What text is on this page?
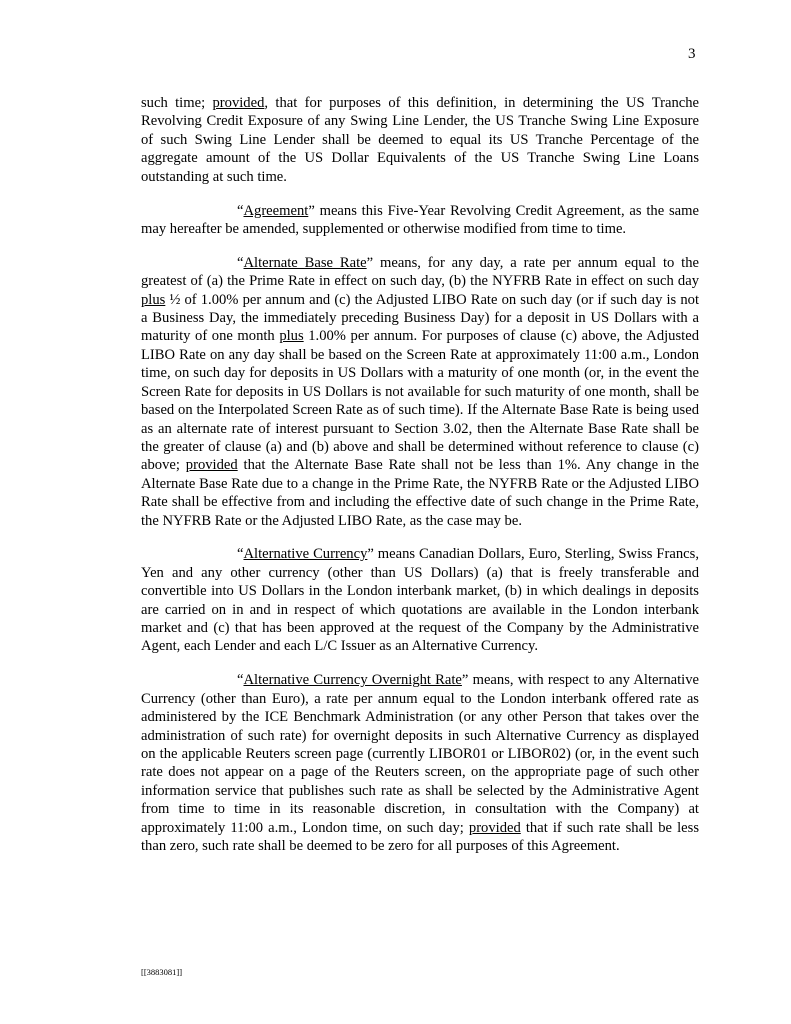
3

such time; provided, that for purposes of this definition, in determining the US Tranche Revolving Credit Exposure of any Swing Line Lender, the US Tranche Swing Line Exposure of such Swing Line Lender shall be deemed to equal its US Tranche Percentage of the aggregate amount of the US Dollar Equivalents of the US Tranche Swing Line Loans outstanding at such time.

“Agreement” means this Five-Year Revolving Credit Agreement, as the same may hereafter be amended, supplemented or otherwise modified from time to time.

“Alternate Base Rate” means, for any day, a rate per annum equal to the greatest of (a) the Prime Rate in effect on such day, (b) the NYFRB Rate in effect on such day plus ½ of 1.00% per annum and (c) the Adjusted LIBO Rate on such day (or if such day is not a Business Day, the immediately preceding Business Day) for a deposit in US Dollars with a maturity of one month plus 1.00% per annum. For purposes of clause (c) above, the Adjusted LIBO Rate on any day shall be based on the Screen Rate at approximately 11:00 a.m., London time, on such day for deposits in US Dollars with a maturity of one month (or, in the event the Screen Rate for deposits in US Dollars is not available for such maturity of one month, shall be based on the Interpolated Screen Rate as of such time). If the Alternate Base Rate is being used as an alternate rate of interest pursuant to Section 3.02, then the Alternate Base Rate shall be the greater of clause (a) and (b) above and shall be determined without reference to clause (c) above; provided that the Alternate Base Rate shall not be less than 1%. Any change in the Alternate Base Rate due to a change in the Prime Rate, the NYFRB Rate or the Adjusted LIBO Rate shall be effective from and including the effective date of such change in the Prime Rate, the NYFRB Rate or the Adjusted LIBO Rate, as the case may be.

“Alternative Currency” means Canadian Dollars, Euro, Sterling, Swiss Francs, Yen and any other currency (other than US Dollars) (a) that is freely transferable and convertible into US Dollars in the London interbank market, (b) in which dealings in deposits are carried on in and in respect of which quotations are available in the London interbank market and (c) that has been approved at the request of the Company by the Administrative Agent, each Lender and each L/C Issuer as an Alternative Currency.

“Alternative Currency Overnight Rate” means, with respect to any Alternative Currency (other than Euro), a rate per annum equal to the London interbank offered rate as administered by the ICE Benchmark Administration (or any other Person that takes over the administration of such rate) for overnight deposits in such Alternative Currency as displayed on the applicable Reuters screen page (currently LIBOR01 or LIBOR02) (or, in the event such rate does not appear on a page of the Reuters screen, on the appropriate page of such other information service that publishes such rate as shall be selected by the Administrative Agent from time to time in its reasonable discretion, in consultation with the Company) at approximately 11:00 a.m., London time, on such day; provided that if such rate shall be less than zero, such rate shall be deemed to be zero for all purposes of this Agreement.

[[3883081]]
